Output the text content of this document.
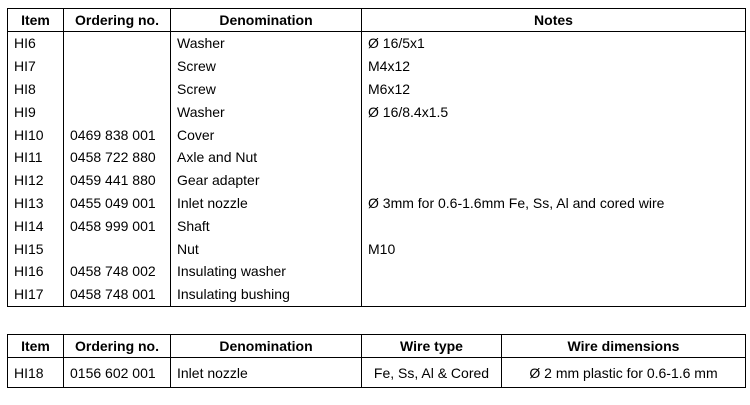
Item	Ordering no.	Denomination	Notes
HI6		Washer	Ø 16/5x1
HI7		Screw	M4x12
HI8		Screw	M6x12
HI9		Washer	Ø 16/8.4x1.5
HI10	0469 838 001	Cover	
HI11	0458 722 880	Axle and Nut	
HI12	0459 441 880	Gear adapter	
HI13	0455 049 001	Inlet nozzle	Ø 3mm for 0.6-1.6mm Fe, Ss, Al and cored wire
HI14	0458 999 001	Shaft	
HI15		Nut	M10
HI16	0458 748 002	Insulating washer	
HI17	0458 748 001	Insulating bushing	
Item	Ordering no.	Denomination	Wire type	Wire dimensions
HI18	0156 602 001	Inlet nozzle	Fe, Ss, Al & Cored	Ø 2 mm plastic for 0.6-1.6 mm
